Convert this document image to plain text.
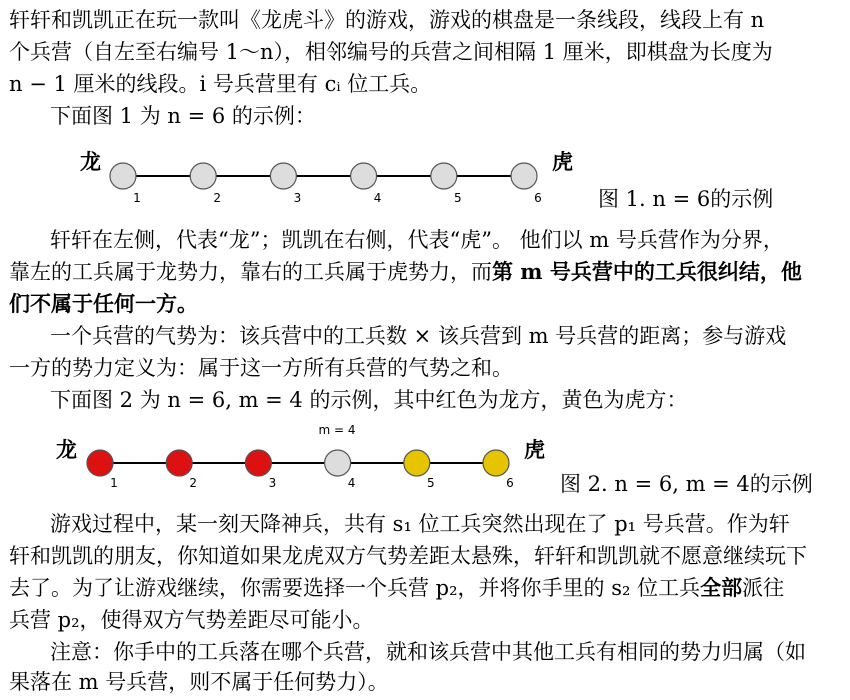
轩轩和凯凯正在玩一款叫《龙虎斗》的游戏，游戏的棋盘是一条线段，线段上有 n
个兵营（自左至右编号 1～n），相邻编号的兵营之间相隔 1 厘米，即棋盘为长度为
n − 1 厘米的线段。i 号兵营里有 cᵢ 位工兵。
下面图 1 为 n = 6 的示例：
1	2	3	4	5	6
龙	虎
图 1. n = 6的示例
轩轩在左侧，代表“龙”；凯凯在右侧，代表“虎”。 他们以 m 号兵营作为分界，
靠左的工兵属于龙势力，靠右的工兵属于虎势力，而第 m 号兵营中的工兵很纠结，他
们不属于任何一方。
一个兵营的气势为：该兵营中的工兵数 × 该兵营到 m 号兵营的距离；参与游戏
一方的势力定义为：属于这一方所有兵营的气势之和。
下面图 2 为 n = 6, m = 4 的示例，其中红色为龙方，黄色为虎方：
m = 4
1	2	3	4	5	6
龙	虎
图 2. n = 6, m = 4的示例
游戏过程中，某一刻天降神兵，共有 s₁ 位工兵突然出现在了 p₁ 号兵营。作为轩
轩和凯凯的朋友，你知道如果龙虎双方气势差距太悬殊，轩轩和凯凯就不愿意继续玩下
去了。为了让游戏继续，你需要选择一个兵营 p₂，并将你手里的 s₂ 位工兵全部派往
兵营 p₂，使得双方气势差距尽可能小。
注意：你手中的工兵落在哪个兵营，就和该兵营中其他工兵有相同的势力归属（如
果落在 m 号兵营，则不属于任何势力）。
